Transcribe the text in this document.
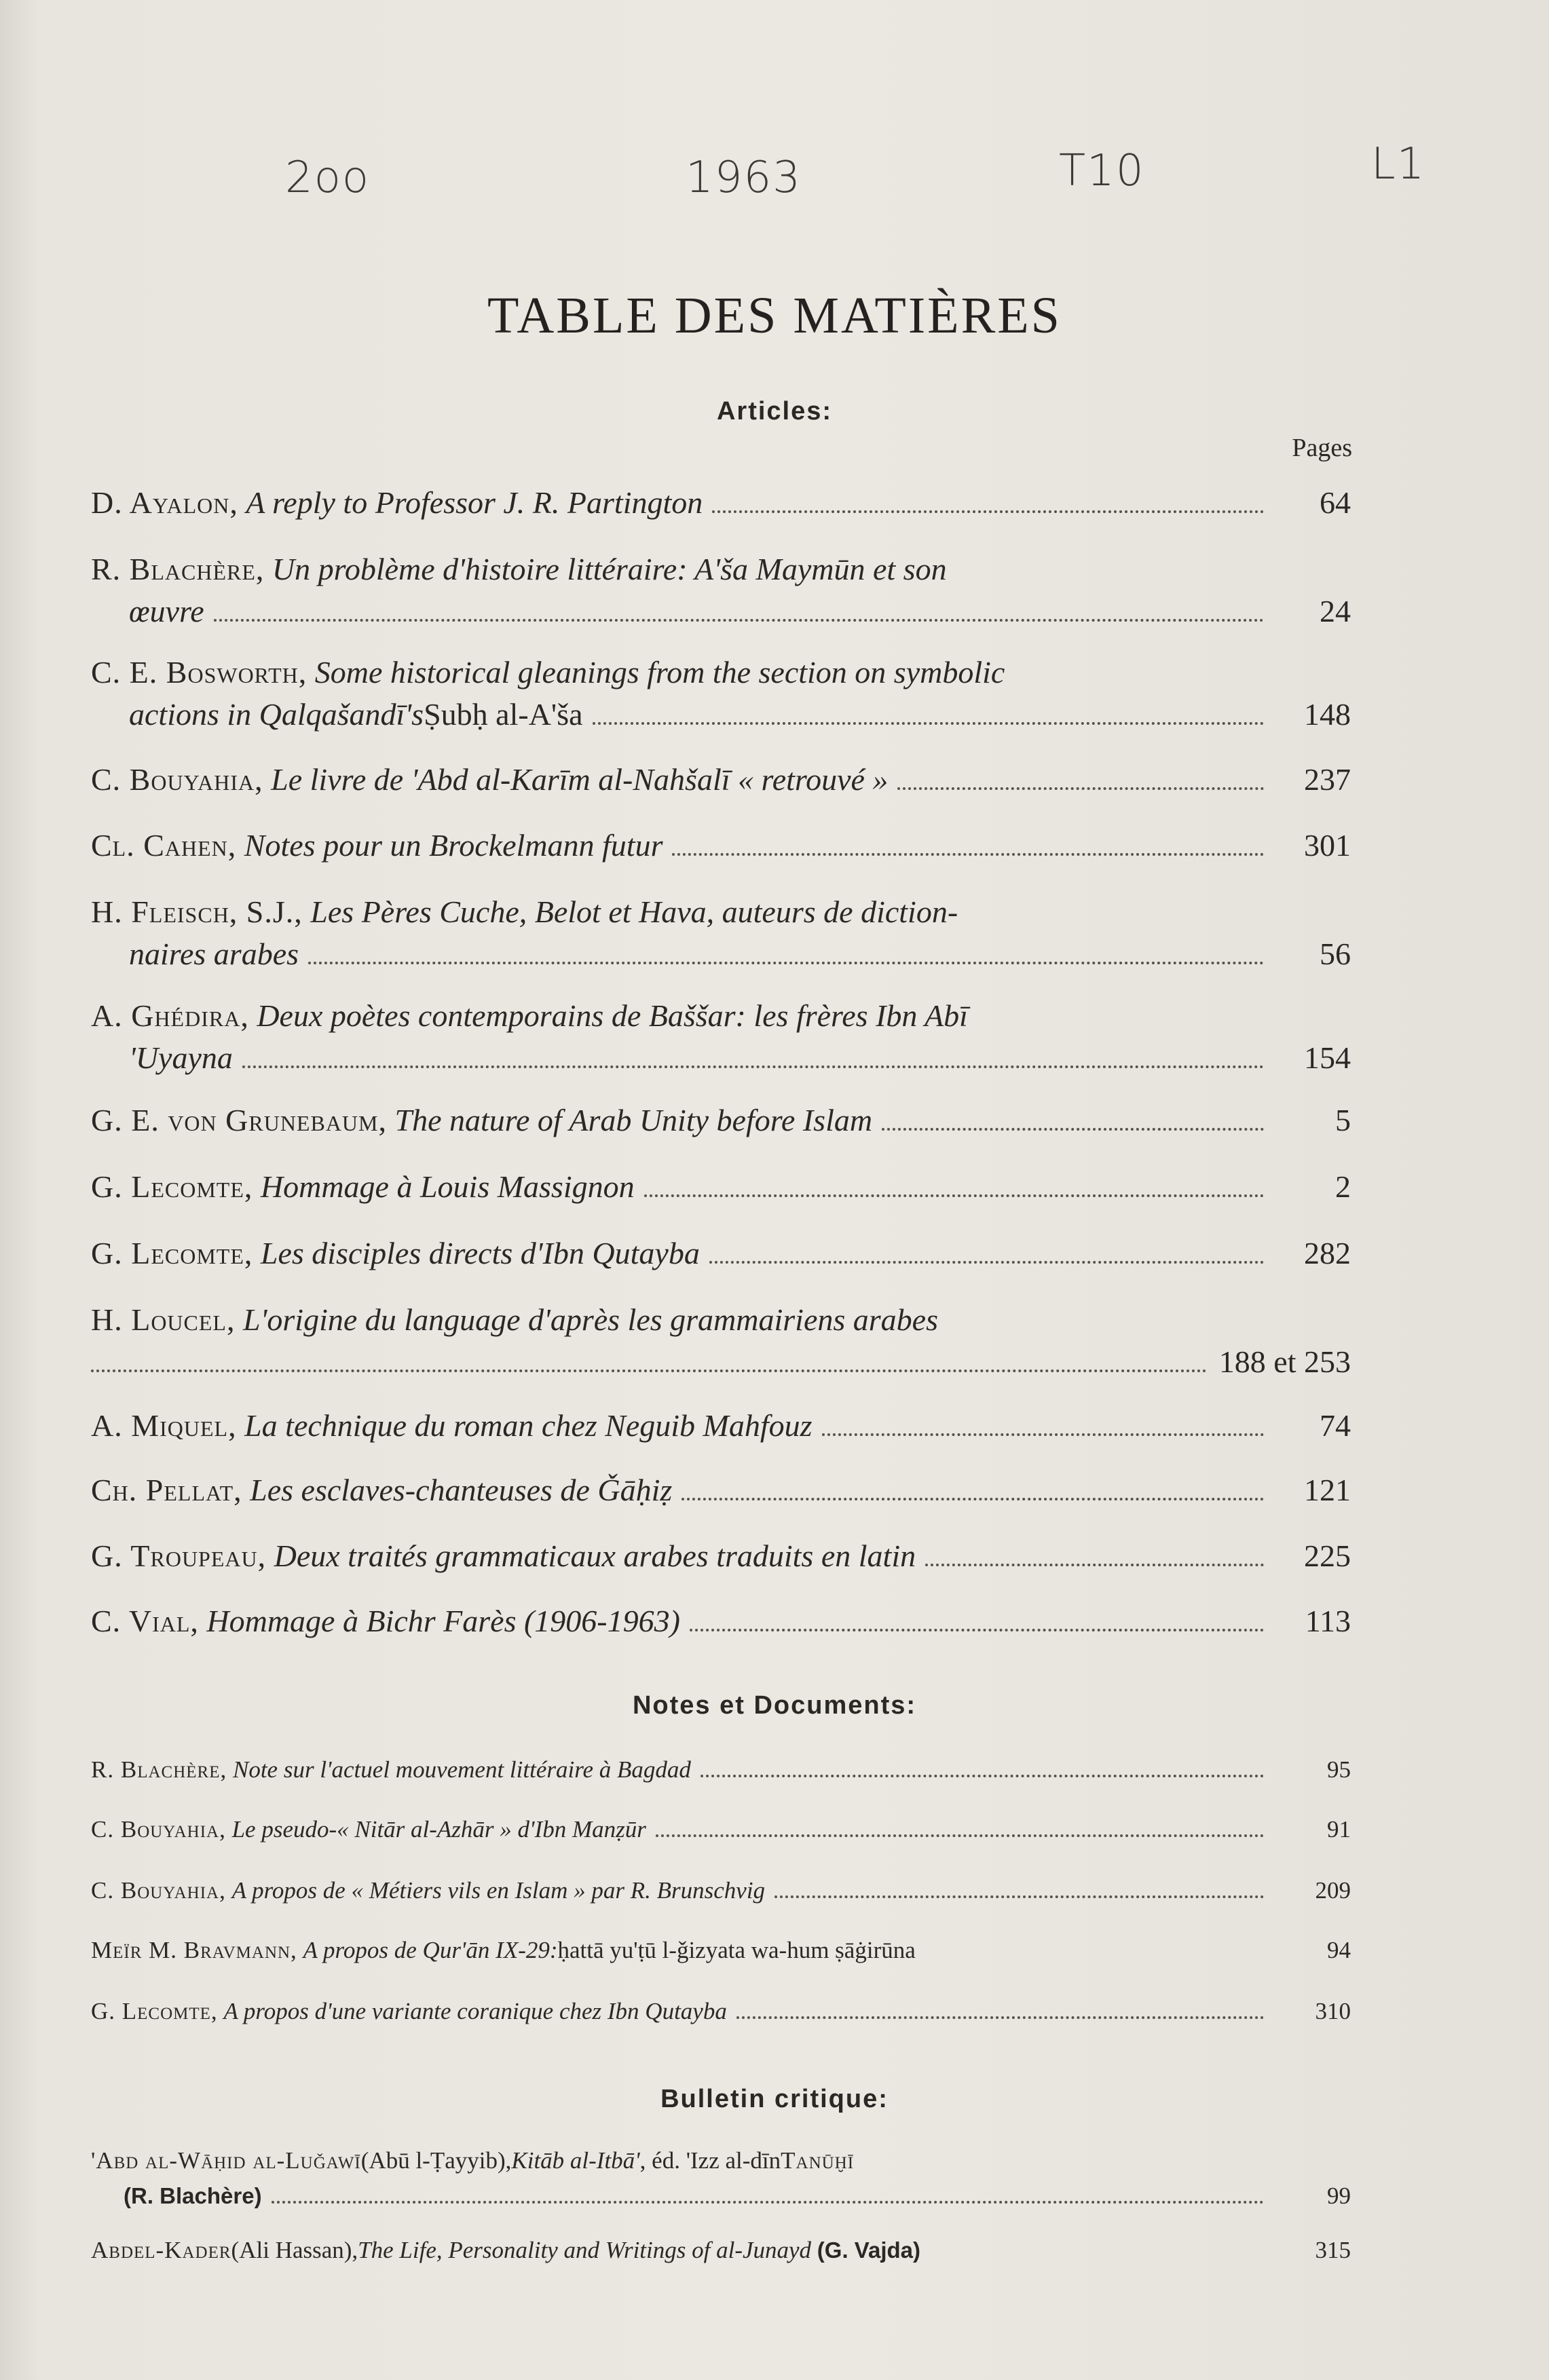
2oo	1963	T10	L1
TABLE DES MATIÈRES
Articles:
Pages
D. Ayalon,
A reply to Professor J. R. Partington	64
R. Blachère,
Un problème d'histoire littéraire: A'ša Maymūn et son
œuvre	24
C. E. Bosworth,
Some historical gleanings from the section on symbolic
actions in Qalqašandī's Ṣubḥ al-A'ša	148
C. Bouyahia,
Le livre de 'Abd al-Karīm al-Nahšalī « retrouvé »	237
Cl. Cahen,
Notes pour un Brockelmann futur	301
H. Fleisch, S.J.,
Les Pères Cuche, Belot et Hava, auteurs de diction-
naires arabes	56
A. Ghédira,
Deux poètes contemporains de Baššar: les frères Ibn Abī
'Uyayna	154
G. E. von Grunebaum,
The nature of Arab Unity before Islam	5
G. Lecomte,
Hommage à Louis Massignon	2
G. Lecomte,
Les disciples directs d'Ibn Qutayba	282
H. Loucel,
L'origine du language d'après les grammairiens arabes
188 et 253
A. Miquel,
La technique du roman chez Neguib Mahfouz	74
Ch. Pellat,
Les esclaves-chanteuses de Ǧāḥiẓ	121
G. Troupeau,
Deux traités grammaticaux arabes traduits en latin	225
C. Vial,
Hommage à Bichr Farès (1906-1963)	113
Notes et Documents:
R. Blachère,
Note sur l'actuel mouvement littéraire à Bagdad	95
C. Bouyahia,
Le pseudo-« Nitār al-Azhār » d'Ibn Manẓūr	91
C. Bouyahia,
A propos de « Métiers vils en Islam » par R. Brunschvig	209
Meïr M. Bravmann,
A propos de Qur'ān IX-29: ḥattā yu'ṭū l-ǧizyata wa-hum ṣāġirūna	94
G. Lecomte,
A propos d'une variante coranique chez Ibn Qutayba	310
Bulletin critique:
'Abd al-Wāḥid al-Luǧawī (Abū l-Ṭayyib), Kitāb al-Itbā' , éd. 'Izz al-dīn Tanūḫī
(R. Blachère)	99
Abdel-Kader (Ali Hassan), The Life, Personality and Writings of al-Junayd
(G. Vajda)	315
